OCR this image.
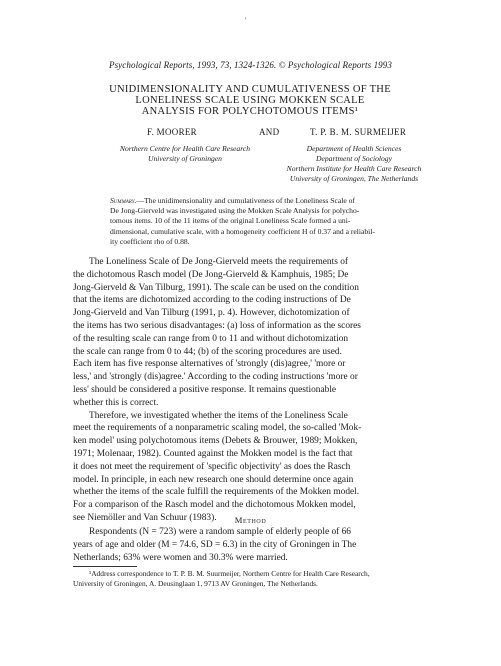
'
Psychological Reports, 1993, 73, 1324-1326. © Psychological Reports 1993
UNIDIMENSIONALITY AND CUMULATIVENESS OF THE
LONELINESS SCALE USING MOKKEN SCALE
ANALYSIS FOR POLYCHOTOMOUS ITEMS¹
F. MOORER	AND	T. P. B. M. SURMEIJER
Northern Centre for Health Care Research
University of Groningen
Department of Health Sciences
Department of Sociology
Northern Institute for Health Care Research
University of Groningen, The Netherlands
Summary.—The unidimensionality and cumulativeness of the Loneliness Scale of
De Jong-Gierveld was investigated using the Mokken Scale Analysis for polycho-
tomous items. 10 of the 11 items of the original Loneliness Scale formed a uni-
dimensional, cumulative scale, with a homogeneity coefficient H of 0.37 and a reliabil-
ity coefficient rho of 0.88.
The Loneliness Scale of De Jong-Gierveld meets the requirements of
the dichotomous Rasch model (De Jong-Gierveld & Kamphuis, 1985; De
Jong-Gierveld & Van Tilburg, 1991). The scale can be used on the condition
that the items are dichotomized according to the coding instructions of De
Jong-Gierveld and Van Tilburg (1991, p. 4). However, dichotomization of
the items has two serious disadvantages: (a) loss of information as the scores
of the resulting scale can range from 0 to 11 and without dichotomization
the scale can range from 0 to 44; (b) of the scoring procedures are used.
Each item has five response alternatives of 'strongly (dis)agree,' 'more or
less,' and 'strongly (dis)agree.' According to the coding instructions 'more or
less' should be considered a positive response. It remains questionable
whether this is correct.
Therefore, we investigated whether the items of the Loneliness Scale
meet the requirements of a nonparametric scaling model, the so-called 'Mok-
ken model' using polychotomous items (Debets & Brouwer, 1989; Mokken,
1971; Molenaar, 1982). Counted against the Mokken model is the fact that
it does not meet the requirement of 'specific objectivity' as does the Rasch
model. In principle, in each new research one should determine once again
whether the items of the scale fulfill the requirements of the Mokken model.
For a comparison of the Rasch model and the dichotomous Mokken model,
see Niemöller and Van Schuur (1983).	Method
Respondents (N = 723) were a random sample of elderly people of 66
years of age and older (M = 74.6, SD = 6.3) in the city of Groningen in The
Netherlands; 63% were women and 30.3% were married.
¹Address correspondence to T. P. B. M. Suurmeijer, Northern Centre for Health Care Research,
University of Groningen, A. Deusinglaan 1, 9713 AV Groningen, The Netherlands.
